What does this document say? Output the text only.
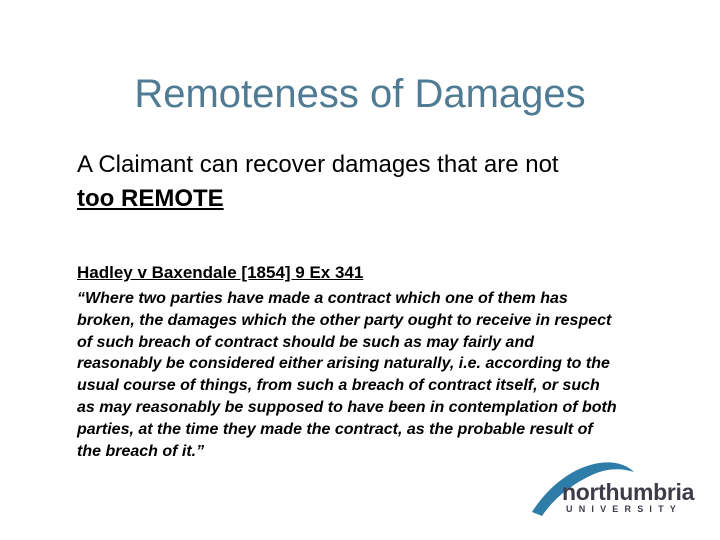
Remoteness of Damages
A Claimant can recover damages that are not
too REMOTE
Hadley v Baxendale [1854] 9 Ex 341
“Where two parties have made a contract which one of them has
broken, the damages which the other party ought to receive in respect
of such breach of contract should be such as may fairly and
reasonably be considered either arising naturally, i.e. according to the
usual course of things, from such a breach of contract itself, or such
as may reasonably be supposed to have been in contemplation of both
parties, at the time they made the contract, as the probable result of
the breach of it.”
northumbria
UNIVERSITY
